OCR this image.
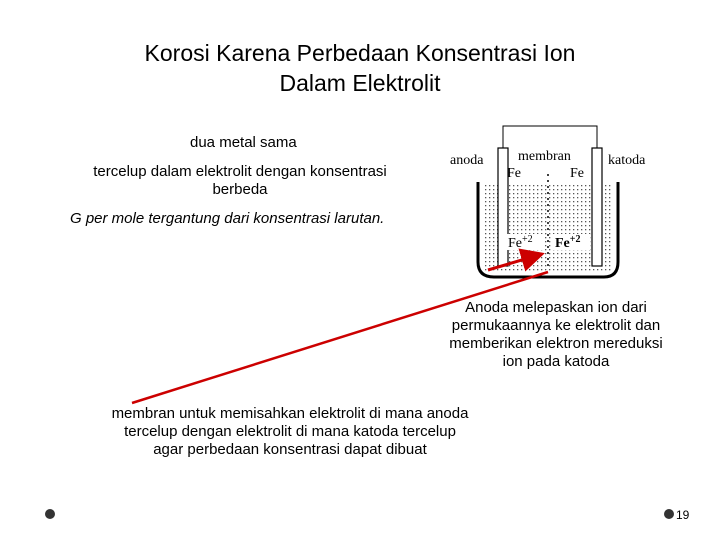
Korosi Karena Perbedaan Konsentrasi Ion
Dalam Elektrolit
dua metal sama
tercelup dalam elektrolit dengan konsentrasi
berbeda
G per mole tergantung dari konsentrasi larutan.
anoda	katoda
membran
Fe	Fe
$Fe^{+2}$ $Fe^{+2}$
Anoda melepaskan ion dari
permukaannya ke elektrolit dan
memberikan elektron mereduksi
ion pada katoda
membran untuk memisahkan elektrolit di mana anoda
tercelup dengan elektrolit di mana katoda tercelup
agar perbedaan konsentrasi dapat dibuat
19
